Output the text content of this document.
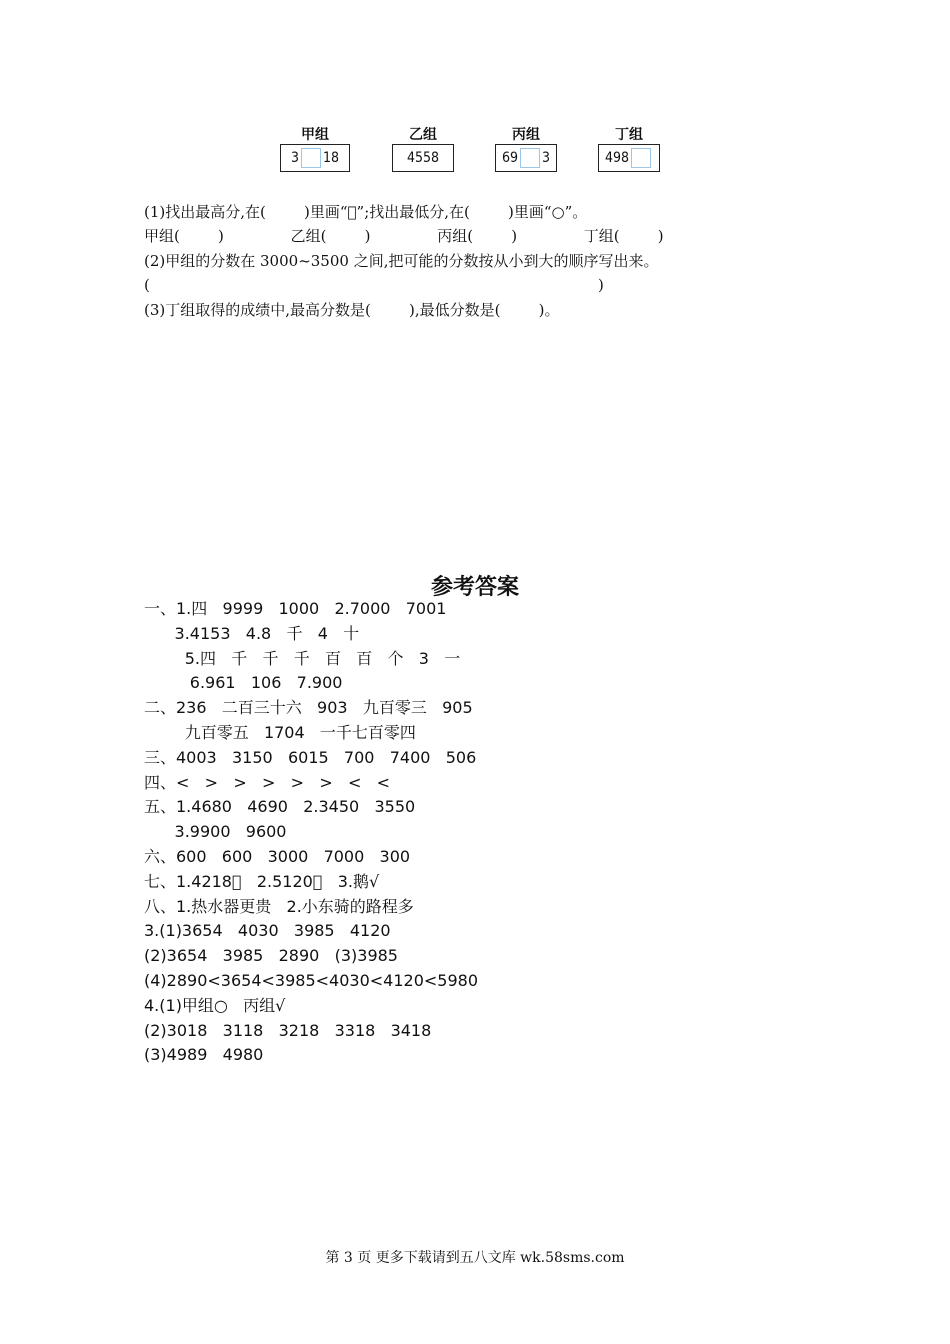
甲组
3 18
乙组
4558
丙组
69 3
丁组
498
(1)找出最高分,在(        )里画“ ”;找出最低分,在(        )里画“○”。
甲组(        )              乙组(        )              丙组(        )              丁组(        )
(2)甲组的分数在 3000~3500 之间,把可能的分数按从小到大的顺序写出来。
(                                                                                              )
(3)丁组取得的成绩中,最高分数是(        ),最低分数是(        )。
参考答案
一、1.四   9999   1000   2.7000   7001
3.4153   4.8   千   4   十
5.四   千   千   千   百   百   个   3   一
6.961   106   7.900
二、236   二百三十六   903   九百零三   905
九百零五   1704   一千七百零四
三、4003   3150   6015   700   7400   506
四、<   >   >   >   >   >   <   <
五、1.4680   4690   2.3450   3550
3.9900   9600
六、600   600   3000   7000   300
七、1.4218    2.5120    3.鹅√
八、1.热水器更贵   2.小东骑的路程多
3.(1)3654   4030   3985   4120
(2)3654   3985   2890   (3)3985
(4)2890<3654<3985<4030<4120<5980
4.(1)甲组○   丙组√
(2)3018   3118   3218   3318   3418
(3)4989   4980
第 3 页 更多下载请到五八文库 wk.58sms.com
